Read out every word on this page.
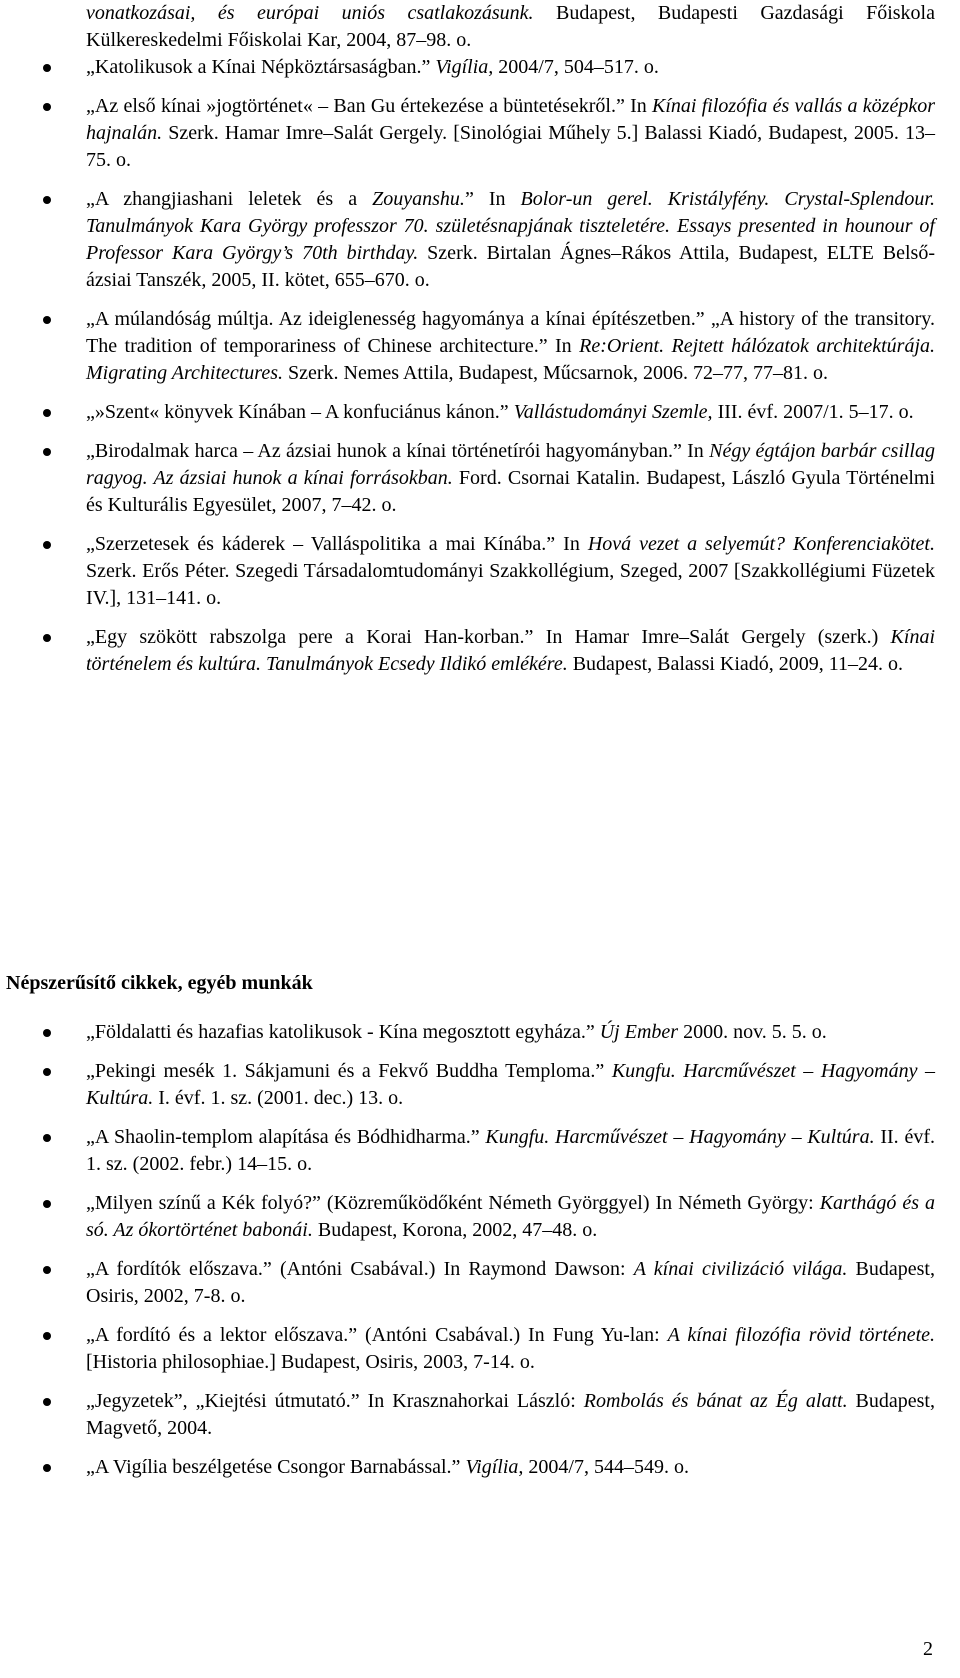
vonatkozásai, és európai uniós csatlakozásunk. Budapest, Budapesti Gazdasági Főiskola Külkereskedelmi Főiskolai Kar, 2004, 87–98. o.
„Katolikusok a Kínai Népköztársaságban.” Vigília, 2004/7, 504–517. o.
„Az első kínai »jogtörténet« – Ban Gu értekezése a büntetésekről.” In Kínai filozófia és vallás a középkor hajnalán. Szerk. Hamar Imre–Salát Gergely. [Sinológiai Műhely 5.] Balassi Kiadó, Budapest, 2005. 13–75. o.
„A zhangjiashani leletek és a Zouyanshu.” In Bolor-un gerel. Kristályfény. Crystal-Splendour. Tanulmányok Kara György professzor 70. születésnapjának tiszteletére. Essays presented in hounour of Professor Kara György’s 70th birthday. Szerk. Birtalan Ágnes–Rákos Attila, Budapest, ELTE Belső-ázsiai Tanszék, 2005, II. kötet, 655–670. o.
„A múlandóság múltja. Az ideiglenesség hagyománya a kínai építészetben.” „A history of the transitory. The tradition of temporariness of Chinese architecture.” In Re:Orient. Rejtett hálózatok architektúrája. Migrating Architectures. Szerk. Nemes Attila, Budapest, Műcsarnok, 2006. 72–77, 77–81. o.
„»Szent« könyvek Kínában – A konfuciánus kánon.” Vallástudományi Szemle, III. évf. 2007/1. 5–17. o.
„Birodalmak harca – Az ázsiai hunok a kínai történetírói hagyományban.” In Négy égtájon barbár csillag ragyog. Az ázsiai hunok a kínai forrásokban. Ford. Csornai Katalin. Budapest, László Gyula Történelmi és Kulturális Egyesület, 2007, 7–42. o.
„Szerzetesek és káderek – Valláspolitika a mai Kínába.” In Hová vezet a selyemút? Konferenciakötet. Szerk. Erős Péter. Szegedi Társadalomtudományi Szakkollégium, Szeged, 2007 [Szakkollégiumi Füzetek IV.], 131–141. o.
„Egy szökött rabszolga pere a Korai Han-korban.” In Hamar Imre–Salát Gergely (szerk.) Kínai történelem és kultúra. Tanulmányok Ecsedy Ildikó emlékére. Budapest, Balassi Kiadó, 2009, 11–24. o.
Népszerűsítő cikkek, egyéb munkák
„Földalatti és hazafias katolikusok - Kína megosztott egyháza.” Új Ember 2000. nov. 5. 5. o.
„Pekingi mesék 1. Sákjamuni és a Fekvő Buddha Temploma.” Kungfu. Harcművészet – Hagyomány – Kultúra. I. évf. 1. sz. (2001. dec.) 13. o.
„A Shaolin-templom alapítása és Bódhidharma.” Kungfu. Harcművészet – Hagyomány – Kultúra. II. évf. 1. sz. (2002. febr.) 14–15. o.
„Milyen színű a Kék folyó?” (Közreműködőként Németh Györggyel) In Németh György: Karthágó és a só. Az ókortörténet babonái. Budapest, Korona, 2002, 47–48. o.
„A fordítók előszava.” (Antóni Csabával.) In Raymond Dawson: A kínai civilizáció világa. Budapest, Osiris, 2002, 7-8. o.
„A fordító és a lektor előszava.” (Antóni Csabával.) In Fung Yu-lan: A kínai filozófia rövid története. [Historia philosophiae.] Budapest, Osiris, 2003, 7-14. o.
„Jegyzetek”, „Kiejtési útmutató.” In Krasznahorkai László: Rombolás és bánat az Ég alatt. Budapest, Magvető, 2004.
„A Vigília beszélgetése Csongor Barnabással.” Vigília, 2004/7, 544–549. o.
2
